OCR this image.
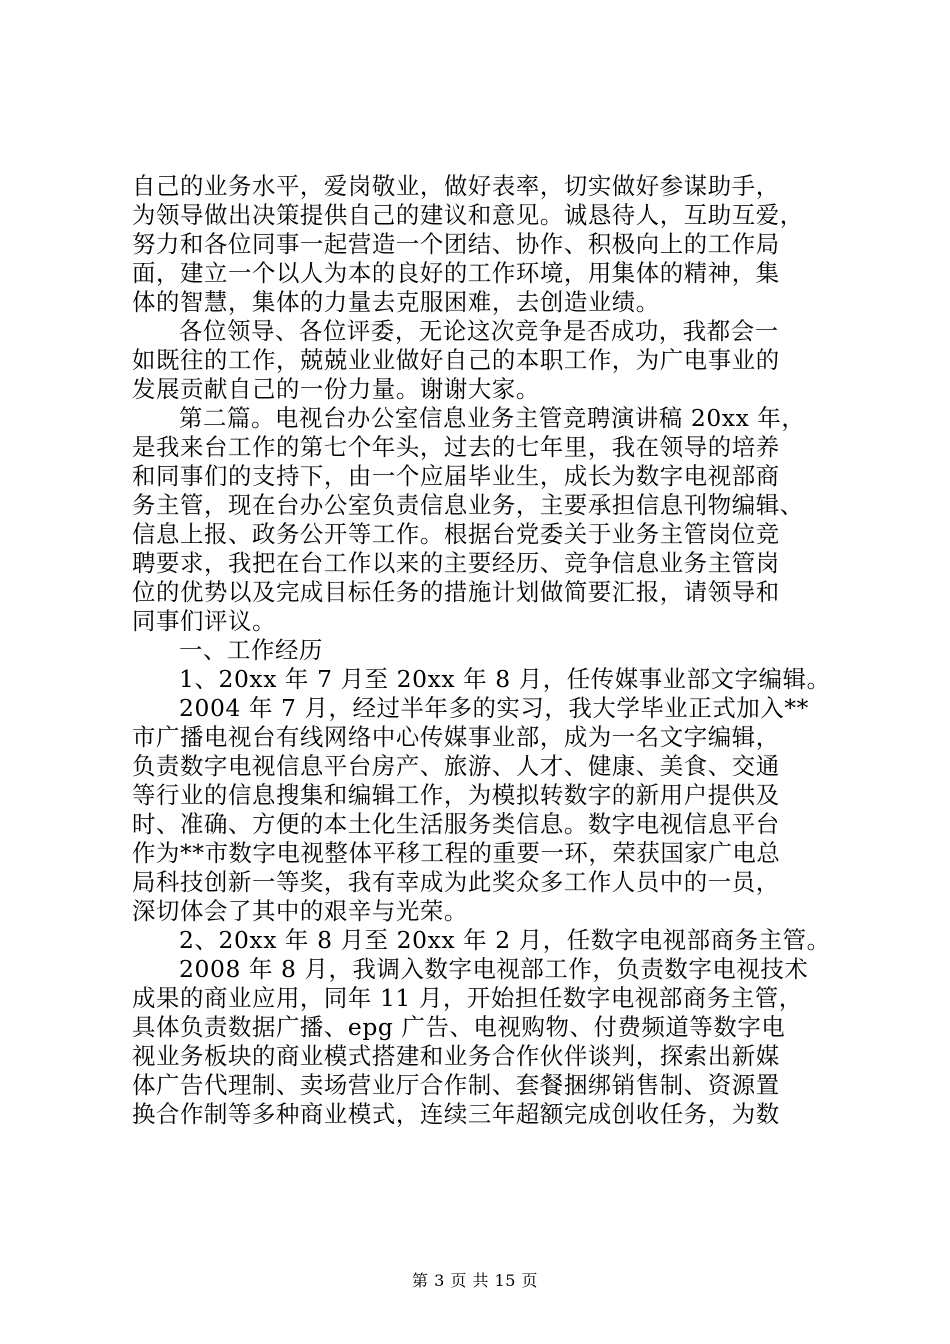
自己的业务水平，爱岗敬业，做好表率，切实做好参谋助手，
为领导做出决策提供自己的建议和意见。诚恳待人，互助互爱，
努力和各位同事一起营造一个团结、协作、积极向上的工作局
面，建立一个以人为本的良好的工作环境，用集体的精神，集
体的智慧，集体的力量去克服困难，去创造业绩。
各位领导、各位评委，无论这次竞争是否成功，我都会一
如既往的工作，兢兢业业做好自己的本职工作，为广电事业的
发展贡献自己的一份力量。谢谢大家。
第二篇。电视台办公室信息业务主管竞聘演讲稿 20xx 年，
是我来台工作的第七个年头，过去的七年里，我在领导的培养
和同事们的支持下，由一个应届毕业生，成长为数字电视部商
务主管，现在台办公室负责信息业务，主要承担信息刊物编辑、
信息上报、政务公开等工作。根据台党委关于业务主管岗位竞
聘要求，我把在台工作以来的主要经历、竞争信息业务主管岗
位的优势以及完成目标任务的措施计划做简要汇报，请领导和
同事们评议。
一、工作经历
1、20xx 年 7 月至 20xx 年 8 月，任传媒事业部文字编辑。
2004 年 7 月，经过半年多的实习，我大学毕业正式加入**
市广播电视台有线网络中心传媒事业部，成为一名文字编辑，
负责数字电视信息平台房产、旅游、人才、健康、美食、交通
等行业的信息搜集和编辑工作，为模拟转数字的新用户提供及
时、准确、方便的本土化生活服务类信息。数字电视信息平台
作为**市数字电视整体平移工程的重要一环，荣获国家广电总
局科技创新一等奖，我有幸成为此奖众多工作人员中的一员，
深切体会了其中的艰辛与光荣。
2、20xx 年 8 月至 20xx 年 2 月，任数字电视部商务主管。
2008 年 8 月，我调入数字电视部工作，负责数字电视技术
成果的商业应用，同年 11 月，开始担任数字电视部商务主管，
具体负责数据广播、epg 广告、电视购物、付费频道等数字电
视业务板块的商业模式搭建和业务合作伙伴谈判，探索出新媒
体广告代理制、卖场营业厅合作制、套餐捆绑销售制、资源置
换合作制等多种商业模式，连续三年超额完成创收任务，为数
第 3 页 共 15 页
